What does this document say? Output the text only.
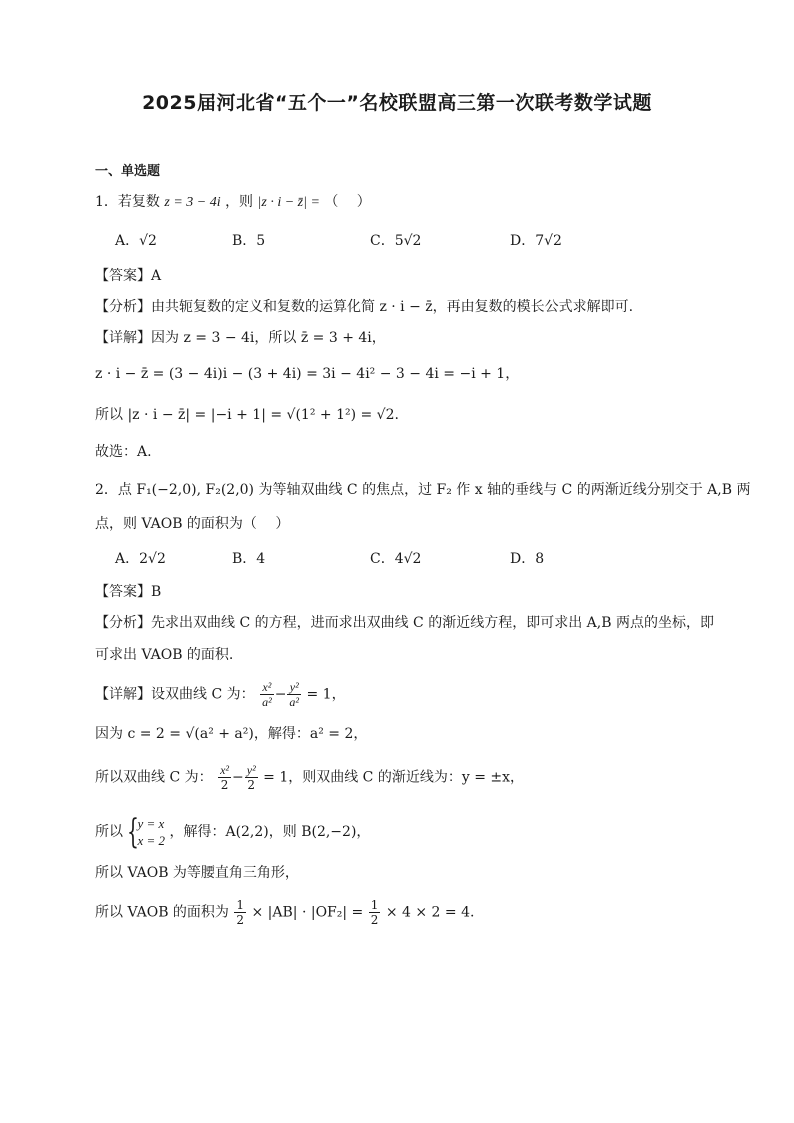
2025届河北省“五个一”名校联盟高三第一次联考数学试题
一、单选题
1．若复数 z = 3 − 4i ，则 |z · i − z̄| = （　 ）
A．√2	B．5	C．5√2	D．7√2
【答案】A
【分析】由共轭复数的定义和复数的运算化简 z · i − z̄，再由复数的模长公式求解即可.
【详解】因为 z = 3 − 4i，所以 z̄ = 3 + 4i，
z · i − z̄ = (3 − 4i)i − (3 + 4i) = 3i − 4i² − 3 − 4i = −i + 1，
所以 |z · i − z̄| = |−i + 1| = √(1² + 1²) = √2.
故选：A.
2．点 F₁(−2,0), F₂(2,0) 为等轴双曲线 C 的焦点，过 F₂ 作 x 轴的垂线与 C 的两渐近线分别交于 A,B 两
点，则 VAOB 的面积为（　 ）
A．2√2	B．4	C．4√2	D．8
【答案】B
【分析】先求出双曲线 C 的方程，进而求出双曲线 C 的渐近线方程，即可求出 A,B 两点的坐标，即
可求出 VAOB 的面积.
【详解】设双曲线 C 为： $\frac{\text{x²}}{\text{a²}} - \frac{\text{y²}}{\text{a²}} = 1$，
因为 c = 2 = √(a² + a²)，解得：a² = 2，
所以双曲线 C 为： $\frac{\text{x²}}{2} - \frac{\text{y²}}{2} = 1$，则双曲线 C 的渐近线为：y = ±x，
所以 {
y = x
x = 2
，解得：A(2,2)，则 B(2,−2)，
所以 VAOB 为等腰直角三角形，
所以 VAOB 的面积为 $\frac{1}{2} \times |AB| \cdot |OF_2| = \frac{1}{2} \times 4 \times 2 = 4$.
